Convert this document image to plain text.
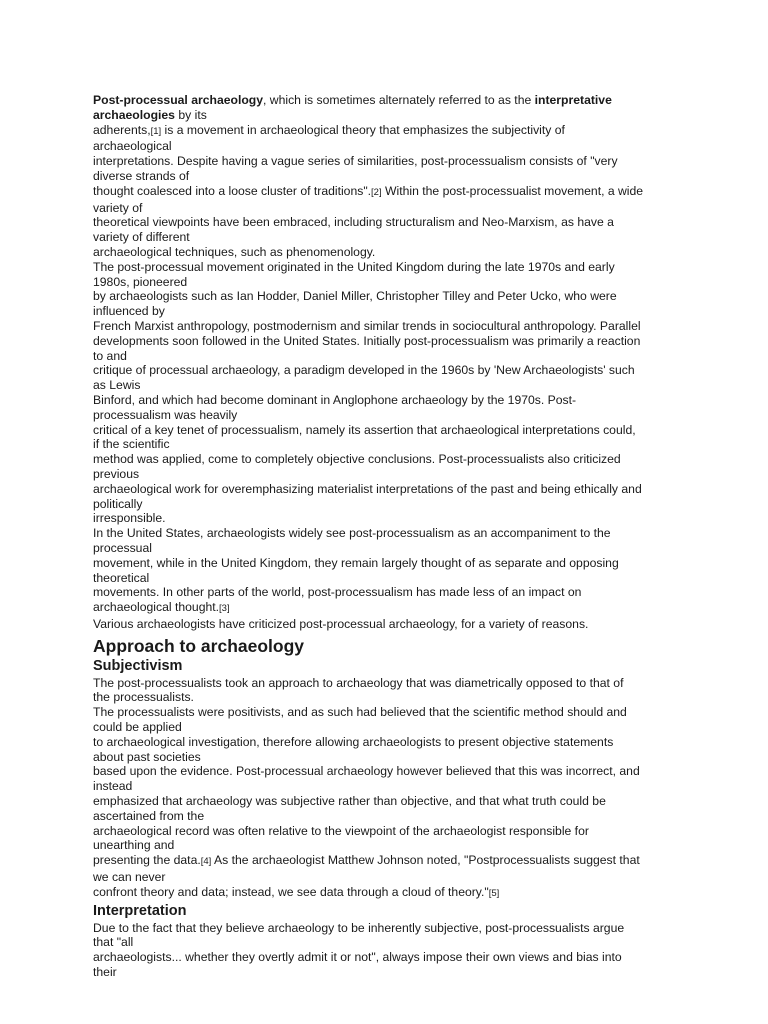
Post-processual archaeology, which is sometimes alternately referred to as the interpretative
archaeologies by its
adherents,[1] is a movement in archaeological theory that emphasizes the subjectivity of
archaeological
interpretations. Despite having a vague series of similarities, post-processualism consists of "very
diverse strands of
thought coalesced into a loose cluster of traditions".[2] Within the post-processualist movement, a wide
variety of
theoretical viewpoints have been embraced, including structuralism and Neo-Marxism, as have a
variety of different
archaeological techniques, such as phenomenology.
The post-processual movement originated in the United Kingdom during the late 1970s and early
1980s, pioneered
by archaeologists such as Ian Hodder, Daniel Miller, Christopher Tilley and Peter Ucko, who were
influenced by
French Marxist anthropology, postmodernism and similar trends in sociocultural anthropology. Parallel
developments soon followed in the United States. Initially post-processualism was primarily a reaction
to and
critique of processual archaeology, a paradigm developed in the 1960s by 'New Archaeologists' such
as Lewis
Binford, and which had become dominant in Anglophone archaeology by the 1970s. Post-
processualism was heavily
critical of a key tenet of processualism, namely its assertion that archaeological interpretations could,
if the scientific
method was applied, come to completely objective conclusions. Post-processualists also criticized
previous
archaeological work for overemphasizing materialist interpretations of the past and being ethically and
politically
irresponsible.
In the United States, archaeologists widely see post-processualism as an accompaniment to the
processual
movement, while in the United Kingdom, they remain largely thought of as separate and opposing
theoretical
movements. In other parts of the world, post-processualism has made less of an impact on
archaeological thought.[3]
Various archaeologists have criticized post-processual archaeology, for a variety of reasons.
Approach to archaeology
Subjectivism
The post-processualists took an approach to archaeology that was diametrically opposed to that of
the processualists.
The processualists were positivists, and as such had believed that the scientific method should and
could be applied
to archaeological investigation, therefore allowing archaeologists to present objective statements
about past societies
based upon the evidence. Post-processual archaeology however believed that this was incorrect, and
instead
emphasized that archaeology was subjective rather than objective, and that what truth could be
ascertained from the
archaeological record was often relative to the viewpoint of the archaeologist responsible for
unearthing and
presenting the data.[4] As the archaeologist Matthew Johnson noted, "Postprocessualists suggest that
we can never
confront theory and data; instead, we see data through a cloud of theory."[5]
Interpretation
Due to the fact that they believe archaeology to be inherently subjective, post-processualists argue
that "all
archaeologists... whether they overtly admit it or not", always impose their own views and bias into
their
